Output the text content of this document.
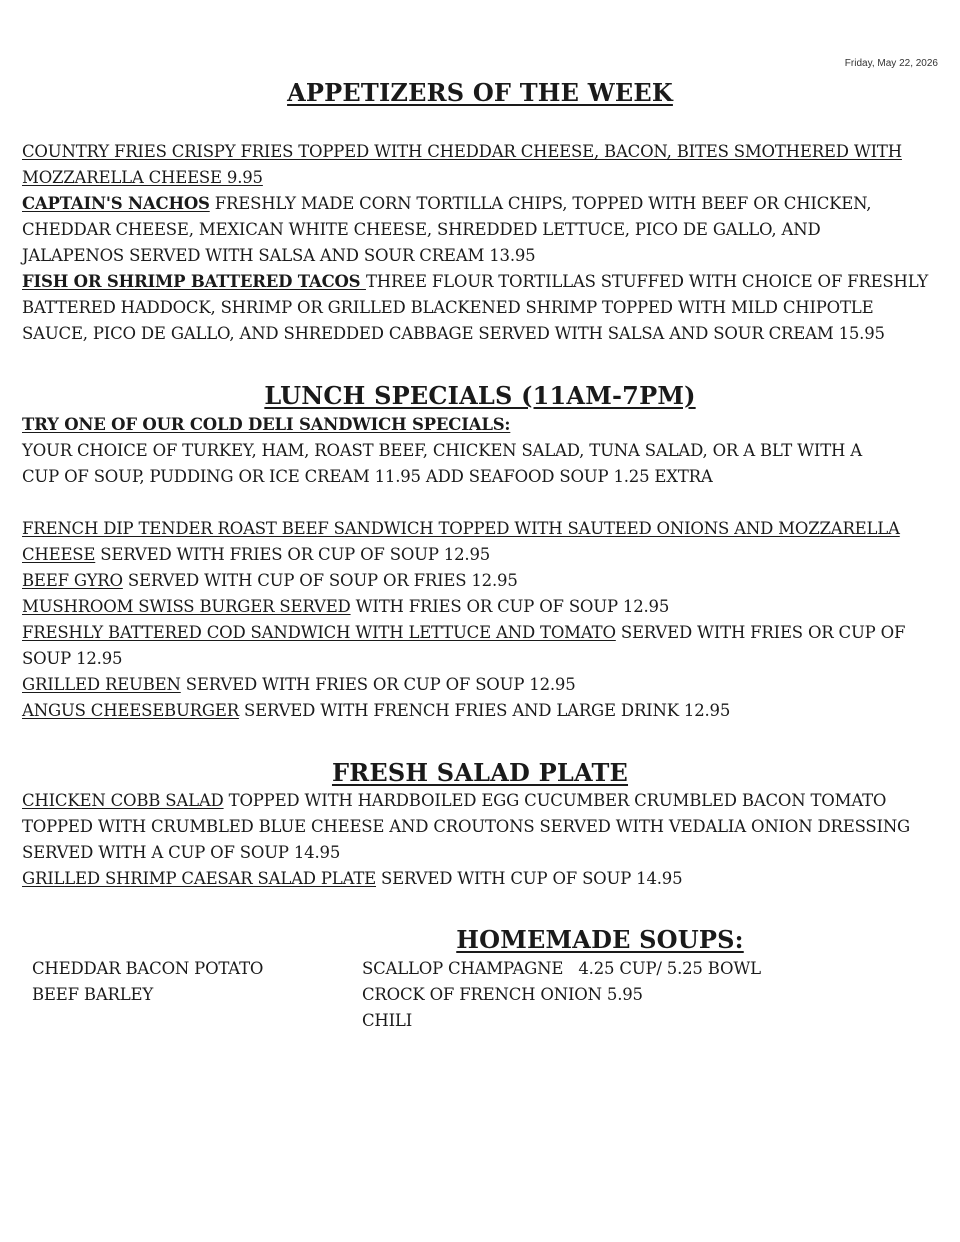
Friday, May 22, 2026
APPETIZERS OF THE WEEK
COUNTRY FRIES CRISPY FRIES TOPPED WITH CHEDDAR CHEESE, BACON, BITES SMOTHERED WITH
MOZZARELLA CHEESE 9.95
CAPTAIN'S NACHOS FRESHLY MADE CORN TORTILLA CHIPS, TOPPED WITH BEEF OR CHICKEN,
CHEDDAR CHEESE, MEXICAN WHITE CHEESE, SHREDDED LETTUCE, PICO DE GALLO, AND
JALAPENOS SERVED WITH SALSA AND SOUR CREAM 13.95
FISH OR SHRIMP BATTERED TACOS THREE FLOUR TORTILLAS STUFFED WITH CHOICE OF FRESHLY
BATTERED HADDOCK, SHRIMP OR GRILLED BLACKENED SHRIMP TOPPED WITH MILD CHIPOTLE
SAUCE, PICO DE GALLO, AND SHREDDED CABBAGE SERVED WITH SALSA AND SOUR CREAM 15.95
LUNCH SPECIALS (11AM-7PM)
TRY ONE OF OUR COLD DELI SANDWICH SPECIALS:
YOUR CHOICE OF TURKEY, HAM, ROAST BEEF, CHICKEN SALAD, TUNA SALAD, OR A BLT WITH A
CUP OF SOUP, PUDDING OR ICE CREAM 11.95 ADD SEAFOOD SOUP 1.25 EXTRA
FRENCH DIP TENDER ROAST BEEF SANDWICH TOPPED WITH SAUTEED ONIONS AND MOZZARELLA
CHEESE SERVED WITH FRIES OR CUP OF SOUP 12.95
BEEF GYRO SERVED WITH CUP OF SOUP OR FRIES 12.95
MUSHROOM SWISS BURGER SERVED WITH FRIES OR CUP OF SOUP 12.95
FRESHLY BATTERED COD SANDWICH WITH LETTUCE AND TOMATO SERVED WITH FRIES OR CUP OF
SOUP 12.95
GRILLED REUBEN SERVED WITH FRIES OR CUP OF SOUP 12.95
ANGUS CHEESEBURGER SERVED WITH FRENCH FRIES AND LARGE DRINK 12.95
FRESH SALAD PLATE
CHICKEN COBB SALAD TOPPED WITH HARDBOILED EGG CUCUMBER CRUMBLED BACON TOMATO
TOPPED WITH CRUMBLED BLUE CHEESE AND CROUTONS SERVED WITH VEDALIA ONION DRESSING
SERVED WITH A CUP OF SOUP 14.95
GRILLED SHRIMP CAESAR SALAD PLATE SERVED WITH CUP OF SOUP 14.95
HOMEMADE SOUPS:
CHEDDAR BACON POTATO	SCALLOP CHAMPAGNE   4.25 CUP/ 5.25 BOWL
BEEF BARLEY	CROCK OF FRENCH ONION 5.95
CHILI
